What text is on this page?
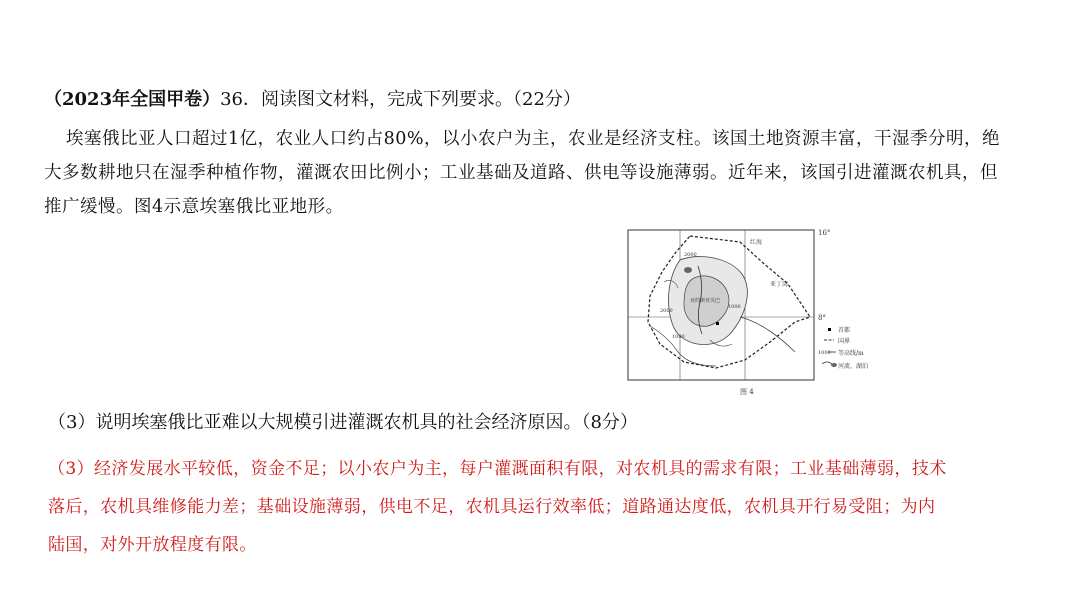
（2023年全国甲卷）36．阅读图文材料，完成下列要求。（22分）
埃塞俄比亚人口超过1亿，农业人口约占80%，以小农户为主，农业是经济支柱。该国土地资源丰富，干湿季分明，绝大多数耕地只在湿季种植作物，灌溉农田比例小；工业基础及道路、供电等设施薄弱。近年来，该国引进灌溉农机具，但推广缓慢。图4示意埃塞俄比亚地形。
红海
亚丁湾
亚的斯亚贝巴
2000
1000
2000
1000
16°
8°
首都
国界
1000 等高线/m
河流、湖泊
图 4
（3）说明埃塞俄比亚难以大规模引进灌溉农机具的社会经济原因。（8分）
（3）经济发展水平较低，资金不足；以小农户为主，每户灌溉面积有限，对农机具的需求有限；工业基础薄弱，技术落后，农机具维修能力差；基础设施薄弱，供电不足，农机具运行效率低；道路通达度低，农机具开行易受阻；为内陆国，对外开放程度有限。
